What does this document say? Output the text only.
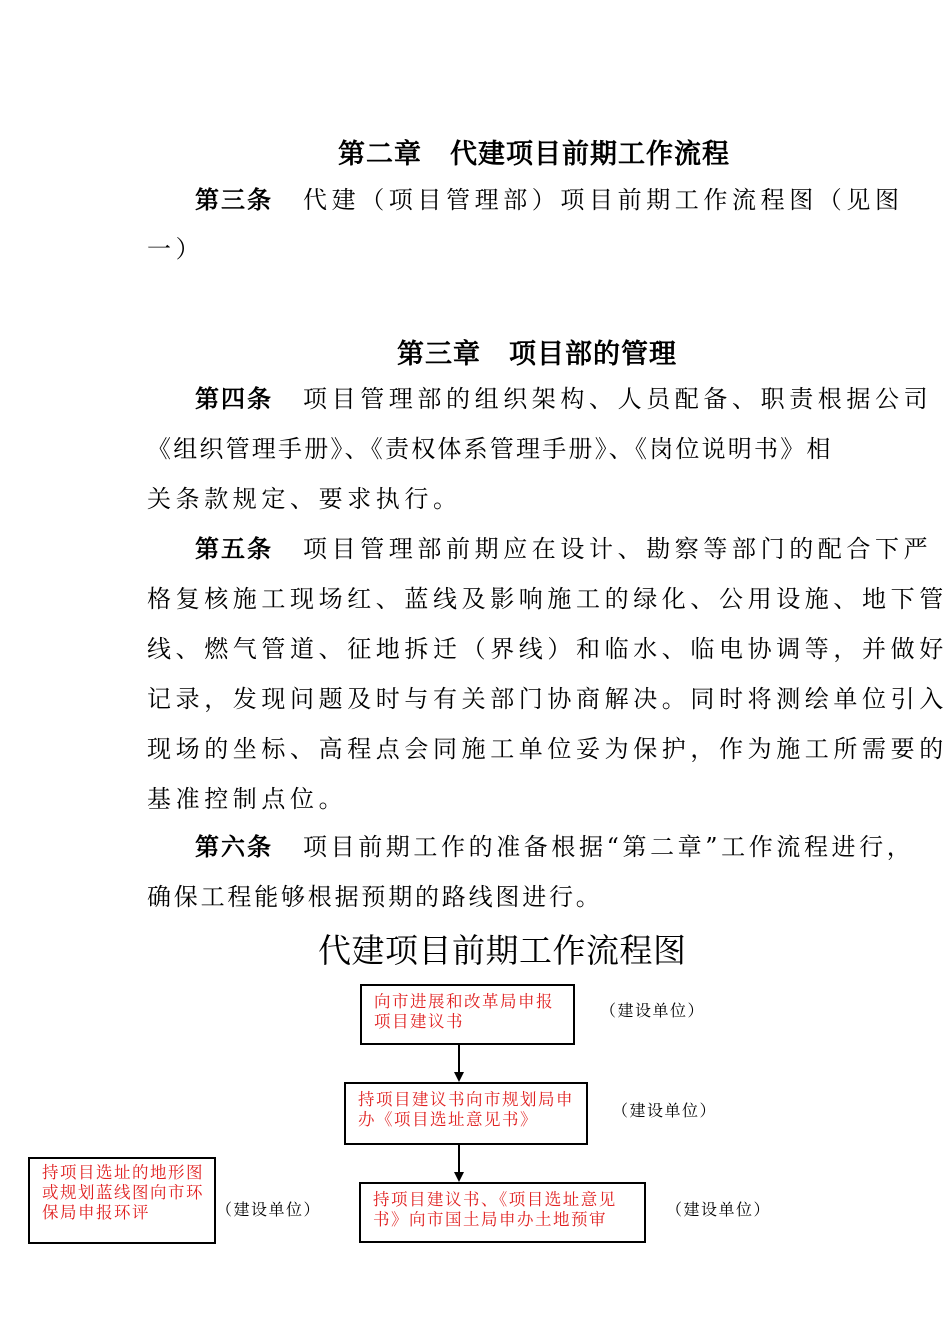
第二章　代建项目前期工作流程
第三条 代建（项目管理部）项目前期工作流程图（见图
一）
第三章　项目部的管理
第四条 项目管理部的组织架构、人员配备、职责根据公司
《组织管理手册》、《责权体系管理手册》、《岗位说明书》相
关条款规定、要求执行。
第五条 项目管理部前期应在设计、勘察等部门的配合下严
格复核施工现场红、蓝线及影响施工的绿化、公用设施、地下管
线、燃气管道、征地拆迁（界线）和临水、临电协调等，并做好
记录，发现问题及时与有关部门协商解决。同时将测绘单位引入
现场的坐标、高程点会同施工单位妥为保护，作为施工所需要的
基准控制点位。
第六条 项目前期工作的准备根据“第二章”工作流程进行，
确保工程能够根据预期的路线图进行。
代建项目前期工作流程图
向市进展和改革局申报项目建议书
（建设单位）
持项目建议书向市规划局申办《项目选址意见书》	（建设单位）
持项目建议书、《项目选址意见书》向市国土局申办土地预审
（建设单位）
持项目选址的地形图或规划蓝线图向市环保局申报环评	（建设单位）
